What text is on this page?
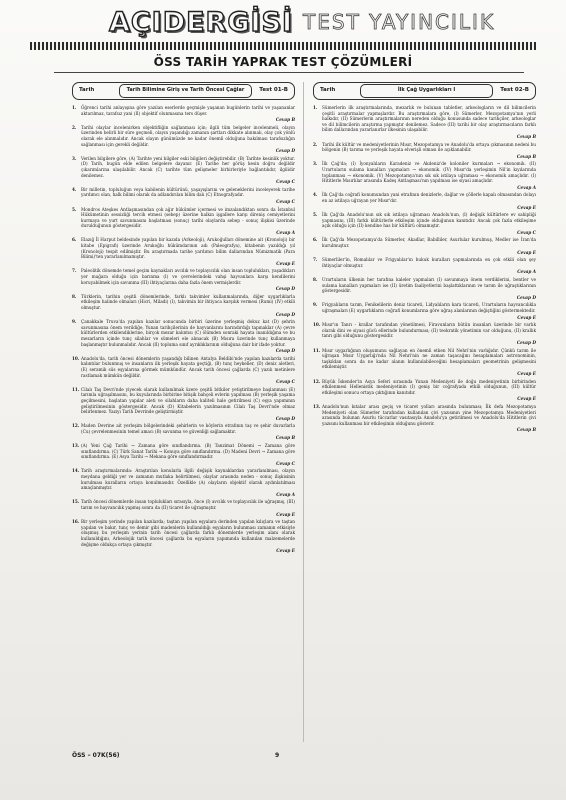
AÇIDERGİSİ TEST YAYINCILIK
ÖSS TARİH YAPRAK TEST ÇÖZÜMLERİ
Tarih	Tarih Bilimine Giriş ve Tarih Öncesi Çağlar	Test 01-B
1.	Öğrenci tarihi anlayışına göre yazılan eserlerde geçmişle yaşanan bugünlerin tarihi ve yaşananlar aktarılmaz, tarafsız yani (II) objektif olunmasına ters düşer.
Cevap B
2.	Tarihi olaylar incelenirken objektifliğin sağlanması için; ilgili tüm belgeler incelenmeli, olayın üzerinden belirli bir süre geçmeli, olayın yaşandığı zamanın şartları dikkate alınmalı, olay çok yönlü olarak ele alınmalıdır. Ancak olayın günümüzde ne kadar önemli olduğuna bakılması tarafsızlığın sağlanması için gerekli değildir.
Cevap D
3.	Verilen bilgilere göre, (A) Tarihte yeni bilgiler eski bilgileri değiştirebilir. (B) Tarihte kesinlik yoktur. (D) Tarih, bugün elde edilen belgelere dayanır. (E) Tarihe her görüş kesin doğru değildir çıkarımlarına ulaşılabilir. Ancak (C) tarihte tüm gelişmeler birbirleriyle bağlantılıdır, ilgilidir denilemez.
Cevap C
4.	Bir milletin, topluluğun veya kabilenin kültürünü, yaşayışlarını ve geleneklerini inceleyerek tarihe yardımcı olan, halk bilimi olarak da adlandırılan bilim dalı (C) Etnografyadır.
Cevap C
5.	Mondros Ateşkes Antlaşmasından çok ağır hükümler içermesi ve imzalandıktan sonra da İstanbul Hükümetinin sessizliği tercih etmesi (sebep) üzerine halkın işgallere karşı direniş cemiyetlerini kurmaya ve yurt savunmasını başlatması (sonuç) tarihi olaylarda sebep - sonuç ilişkisi üzerinde durulduğunun göstergesidir.
Cevap A
6.	Elazığ İl Harput beldesinde yapılan bir kazıda (Arkeoloji), Arukoğulları dönemine ait (Kronoloji) bir kitabe (Epigrafi) üzerinde Arukoğlu hükümdarının adı (Paleografya), kitabenin yazıldığı yıl (Kronoloji) tespit edilmiştir. Bu araştırmada tarihe yardımcı bilim dallarından Nümizmatik (Para Bilimi)'ten yararlanılmamıştır.
Cevap E
7.	Paleolitik dönemde temel geçim kaynakları avcılık ve toplayıcılık olan insan toplulukları, yaşadıkları yer mağara olduğu için barınma (I) ve çevrelerindeki vahşi hayvanlara karşı kendilerini koruyabilmek için savunma (III) ihtiyaçlarına daha fazla önem vermişlerdir.
Cevap D
8.	Türklerin, tarihin çeşitli dönemlerinde, farklı takvimler kullanmalarında, diğer uygarlıklarla etkileşim halinde olmaları (Hicri, Miladi) (I), takvimin bir ihtiyaca karşılık vermesi (Rumi) (IV) etkili olmuştur.
Cevap D
9.	Çanakkale Truva'da yapılan kazılar sonucunda birbiri üzerine yerleşmiş dokuz kat (D) şehrin savunmasına önem verildiğe, Yunan tarihçilerinin de hayvanlarını barındırdığı tapınaklar (A) çevre kültürlerden etkilendiklerine, birçok mezar kalıntısı (C) ölümden sonraki hayata inanıldığına ve bu mezarların içinde tunç silahlar ve sümeleri ele alınacak (B) Mısıra üzerinde tunç kullanmaya başlanmıştır bulunmalıdır. Ancak (II) topluma sınıf ayrıklıklarının olduğuna dair bir ifade yoktur.
Cevap D
10. Anadolu'da, tarih öncesi dönemlerin yaşandığı bilinen Antalya Beldibi'nde yapılan kazılarda tarihi kalıntılar bulunmuş ve insanların ilk yerleşik hayata geçtiği, (B) tunç heykeller, (D) deniz aletleri, (E) seramik süs eşyalarına görmek mümkündür. Ancak tarih öncesi çağlarda (C) yazılı metinlere rastlamak mümkün değildir.
Cevap C
11. Cilalı Taş Devri'nde yiyecek olarak kullanılmak üzere çeşitli bitkiler yetiştirilmeye başlanması (E) tarımla uğraşılmasını, bu kuyularında birbirine bitişik bahçeli evlerin yapılması (B) yerleşik yaşama geçilmesini, başlatan yapılar aleti ve silahların daha kaliteli hale getirilmesi (C) eşya yapımının geliştirilmesinin göstergesidir. Ancak (D) Kitabelerin yazılmasının Cilalı Taş Devri'nde olmaz belirlenmez. Yazıyı Tarih Devrinde geliştirmiştir.
Cevap D
12. Maden Devrine ait yerleşim bölgelerindeki şehirlerin ve köylerin etrafının taş ve şehir duvarlarla (Cu) çevrelenmesinin temel amacı (B) savunma ve güvenliği sağlamaktır.
Cevap B
13. (A) Yeni Çağ Tarihi → Zamana göre sınıflandırma. (B) Tanzimat Dönemi → Zamana göre sınıflandırma. (C) Türk Sanat Tarihi → Konuya göre sınıflandırma. (D) Madeni Devri → Zamana göre sınıflandırma. (E) Asya Tarihi → Mekana göre sınıflandırmadır.
Cevap C
14. Tarih araştırmalarında: Araştırılan konularla ilgili değişik kaynaklardan yararlanılması, olayın meydana geldiği yer ve zamanın mutlaka belirtilmesi, olaylar arasında neden - sonuç ilişkisinin kurulması kuralların ortaya konulmasıdır. Özellikle (A) olayların objektif olarak aydınlatılması amaçlanmıştır.
Cevap A
15. Tarih öncesi dönemlerde insan toplulukları sırasıyla, önce (I) avcılık ve toplayıcılık ile uğraşmış, (III) tarım ve hayvancılık yapmış sonra da (II) ticaret ile uğraşmıştır.
Cevap E
16. Bir yerleşim yerinde yapılan kazılarda; taştan yapılan eşyalara derinden yapılan kılıçlara ve taştan yapılan ve bakır, tunç ve demir gibi madenlerin kullanıldığı eşyaların bulunması zamanın etkisiyle oluşmuş bu yerleşim yerinin tarih öncesi çağlarda farklı dönemlerde yerleşim alanı olarak kullanıldığını, Arkeolojik tarih öncesi çağlarda bu eşyaların yapımında kullanılan malzemelerde değişme oldukça ortaya çıkmıştır.
Cevap E
Tarih	İlk Çağ Uygarlıkları I	Test 02-B
1.	Sümerlerin ilk araştırmalarında, mezarlık ve bulunan tabletler, arkeologların ve dil bilimcilerin çeşitli araştırmalar yapmışlardır. Bu araştırmalara göre, (I) Sümerler, Mezopotamya'nın yerli halkıdır, (II) Sümerlerin araştırmalarının nereden olduğu konusunda sadece tarihçiler, arkeologlar ve dil bilimcilerin araştırma yapmıştır denilemez. Sadece (III) tarihi bir olay araştırmacıların farklı bilim dallarından yararlanırlar ilkesinin ulaşabilir.
Cevap B
2.	Tarihi ilk kültür ve medeniyetlerinin Mısır, Mezopotamya ve Anadolu'da ortaya çıkmasının nedeni bu bölgenin (B) tarıma ve yerleşik hayata elverişli olması ile açıklanabilir.
Cevap B
3.	İlk Çağ'da; (I) İyonyalıların Karadeniz ve Akdeniz'de koloniler kurmaları → ekonomik. (II) Urartuların sulama kanalları yapmaları → ekonomik. (IV) Mısır'da yerleşimin Nil'in kıyılarında toplanması → ekonomik. (V) Mezopotamya'nın sık sık istilaya uğraması → ekonomik amaçlıdır. (I) Hititlerle Mısırlılar arasında Kadeş Antlaşması'nın yapılması ise siyasi amaçlıdır.
Cevap A
4.	İlk Çağ'da coğrafi konumundan yani etrafının denizlerle, dağlar ve çöllerle kapalı olmasından dolayı en az istilaya uğrayan yer Mısır'dır.
Cevap E
5.	İlk Çağ'da Anadolu'nun sık sık istilaya uğraması Anadolu'nun, (I) değişik kültürlere ev sahipliği yapmasını, (III) farklı kültürlerle etkileşim içinde olduğunun kanıtıdır. Ancak çok fazla etkileşime açık olduğu için (II) kendine has bir kültürü olmamıştır.
Cevap C
6.	İlk Çağ'da Mezopotamya'da Sümerler, Akadlar, Babilliler, Asurlular kurulmuş, Medler ise İran'da kurulmuştur.
Cevap E
7.	Sümerliler'in, Romalılar ve Frigyalılar'ın hukuk kuralları yapmalarında en çok etkili olan şey ihtiyaçlar olmuştur.
Cevap A
8.	Urartuların ülkenin her tarafına kaleler yapmaları (I) savunmaya önem verdiklerini, bentler ve sulama kanalları yapmaları ise (II) üretim faaliyetlerini başlattıklarının ve tarım ile uğraştıklarının göstergesidir.
Cevap D
9.	Frigyalıların tarım, Fenikelilerin deniz ticareti, Lidyalıların kara ticareti, Urartuların hayvancılıkla uğraşmaları (E) uygarlıkların coğrafi konumlarına göre uğraş alanlarının değiştiğini göstermektedir.
Cevap E
10. Mısır'ın Tanrı - krallar tarafından yönetilmesi, Firavunların bütün insanları üzerinde bir varlık olarak dini ve siyasi gücü ellerinde bulundurması; (II) teokratik yönetimin var olduğunu, (II) krallık tanrı gibi olduğunu göstergesidir.
Cevap D
11. Mısır uygarlığının oluşumunu sağlayan en önemli etken Nil Nehri'nin varlığıdır. Çünkü tarım ile uğraşan Mısır Uygarlığı'nda Nil Nehri'nin ne zaman taşacağını hesaplamaları astronominin, taşkıldan sonra da ne kadar alanın kullanılabileceğini hesaplamaları geometrinin gelişmesini etkilemiştir.
Cevap E
12. Büyük İskender'in Asya Seferi sırasında Yunan Medeniyeti ile doğu medeniyetinin birbirinden etkilenmesi Hellenistik medeniyetinin (I) geniş bir coğrafyada etkili olduğunun, (III) kültür etkileşimi sonucu ortaya çıktığının kanıtıdır.
Cevap E
13. Anadolu'nun kıtalar arası geçiş ve ticaret yolları arasında bulunması; İlk defa Mezopotamya Medeniyeti olan Sümerler tarafından kullanılan çivi yazısının yine Mezopotamya Medeniyetleri arasında bulunan Asurlu tüccarlar vasıtasıyla Anadolu'ya getirilmesi ve Anadolu'da Hititlerin çivi yazısını kullanması bir etkileşimin olduğunu gösterir.
Cevap B
ÖSS – 07K(56)	9
